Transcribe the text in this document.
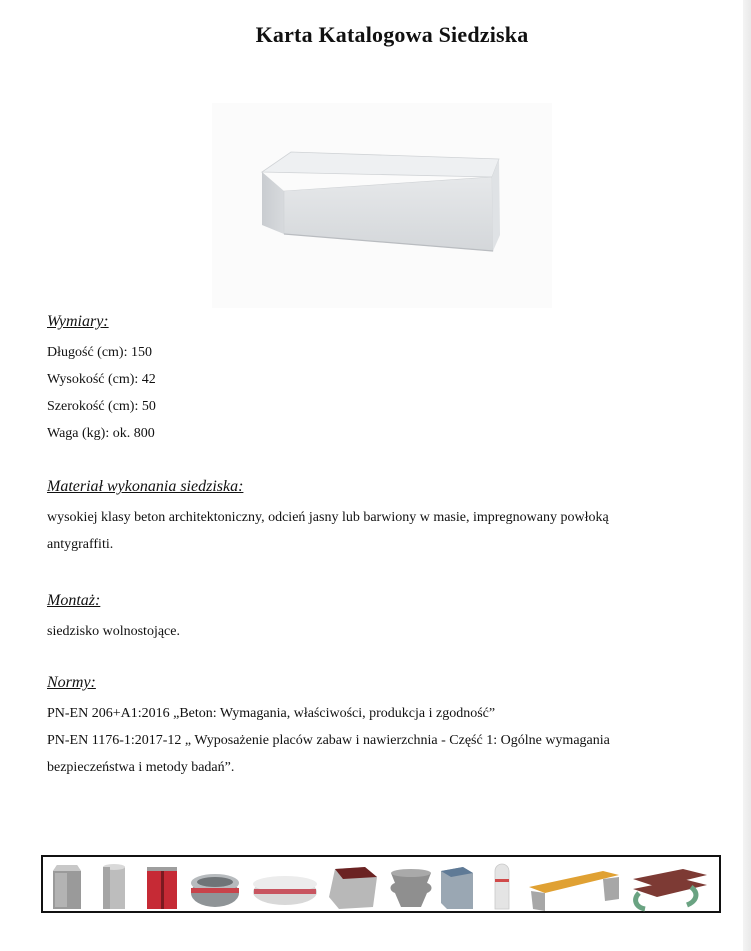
Karta Katalogowa Siedziska

Wymiary:

Długość (cm): 150

Wysokość (cm): 42

Szerokość (cm): 50

Waga (kg): ok. 800

Materiał wykonania siedziska:

wysokiej klasy beton architektoniczny, odcień jasny lub barwiony w masie, impregnowany powłoką

antygraffiti.

Montaż:

siedzisko wolnostojące.

Normy:

PN-EN 206+A1:2016 „Beton: Wymagania, właściwości, produkcja i zgodność”

PN-EN 1176-1:2017-12 „ Wyposażenie placów zabaw i nawierzchnia - Część 1: Ogólne wymagania

bezpieczeństwa i metody badań”.
